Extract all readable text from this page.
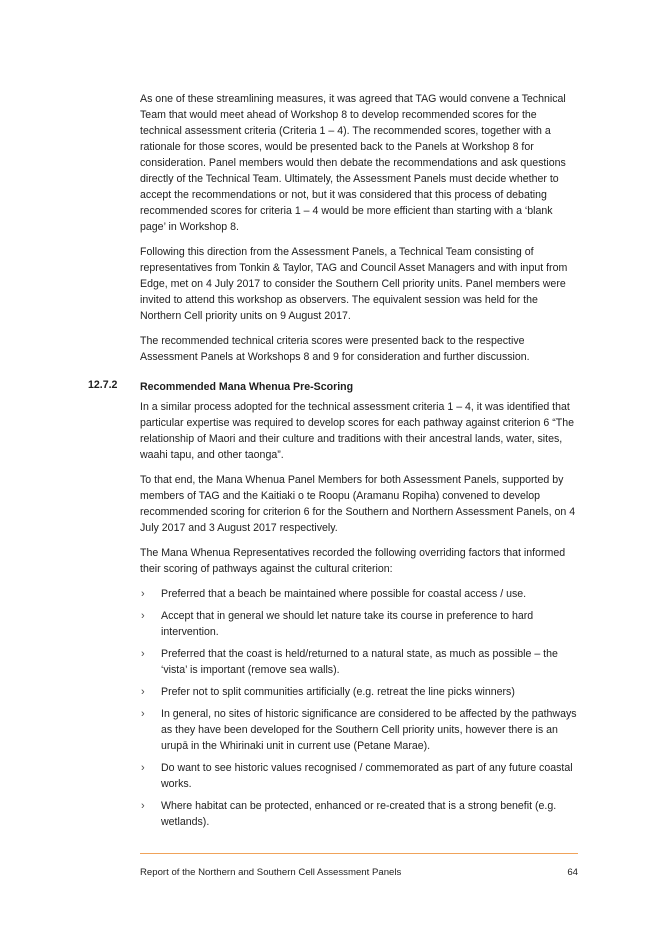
As one of these streamlining measures, it was agreed that TAG would convene a Technical Team that would meet ahead of Workshop 8 to develop recommended scores for the technical assessment criteria (Criteria 1 – 4). The recommended scores, together with a rationale for those scores, would be presented back to the Panels at Workshop 8 for consideration. Panel members would then debate the recommendations and ask questions directly of the Technical Team. Ultimately, the Assessment Panels must decide whether to accept the recommendations or not, but it was considered that this process of debating recommended scores for criteria 1 – 4 would be more efficient than starting with a ‘blank page’ in Workshop 8.

Following this direction from the Assessment Panels, a Technical Team consisting of representatives from Tonkin & Taylor, TAG and Council Asset Managers and with input from Edge, met on 4 July 2017 to consider the Southern Cell priority units. Panel members were invited to attend this workshop as observers. The equivalent session was held for the Northern Cell priority units on 9 August 2017.

The recommended technical criteria scores were presented back to the respective Assessment Panels at Workshops 8 and 9 for consideration and further discussion.

12.7.2 Recommended Mana Whenua Pre-Scoring

In a similar process adopted for the technical assessment criteria 1 – 4, it was identified that particular expertise was required to develop scores for each pathway against criterion 6 “The relationship of Maori and their culture and traditions with their ancestral lands, water, sites, waahi tapu, and other taonga”.

To that end, the Mana Whenua Panel Members for both Assessment Panels, supported by members of TAG and the Kaitiaki o te Roopu (Aramanu Ropiha) convened to develop recommended scoring for criterion 6 for the Southern and Northern Assessment Panels, on 4 July 2017 and 3 August 2017 respectively.

The Mana Whenua Representatives recorded the following overriding factors that informed their scoring of pathways against the cultural criterion:

› Preferred that a beach be maintained where possible for coastal access / use.
› Accept that in general we should let nature take its course in preference to hard intervention.
› Preferred that the coast is held/returned to a natural state, as much as possible – the ‘vista’ is important (remove sea walls).
› Prefer not to split communities artificially (e.g. retreat the line picks winners)
› In general, no sites of historic significance are considered to be affected by the pathways as they have been developed for the Southern Cell priority units, however there is an urupā in the Whirinaki unit in current use (Petane Marae).
› Do want to see historic values recognised / commemorated as part of any future coastal works.
› Where habitat can be protected, enhanced or re-created that is a strong benefit (e.g. wetlands).
Report of the Northern and Southern Cell Assessment Panels	64
